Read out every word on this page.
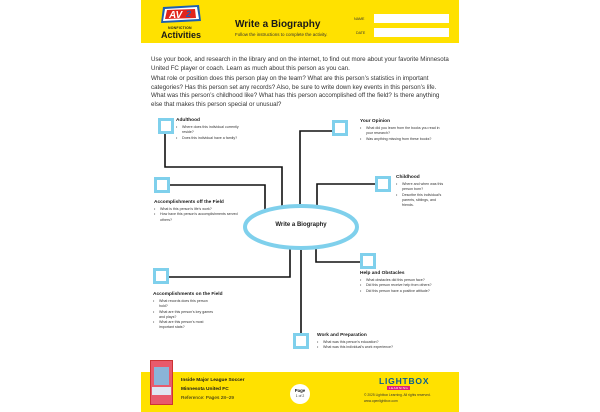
AV 2
NONFICTION
Activities
Write a Biography
Follow the instructions to complete the activity.
NAME
DATE
Use your book, and research in the library and on the internet, to find out more about your favorite Minnesota United FC player or coach. Learn as much about this person as you can.
What role or position does this person play on the team? What are this person’s statistics in important categories? Has this person set any records? Also, be sure to write down key events in this person’s life. What was this person’s childhood like? What has this person accomplished off the field? Is there anything else that makes this person special or unusual?
Write a Biography
Adulthood
• Where does this individual currently reside?
• Does this individual have a family?
Your Opinion
• What did you learn from the books you read in your research?
• Was anything missing from these books?
Accomplishments off the Field
• What is this person’s life’s work?
• How have this person’s accomplishments served others?
Childhood
• Where and when was this person born?
• Describe this individual’s parents, siblings, and friends.
Help and Obstacles
• What obstacles did this person face?
• Did this person receive help from others?
• Did this person have a positive attitude?
Accomplishments on the Field
• What records does this person hold?
• What are this person’s key games and plays?
• What are this person’s most important stats?
Work and Preparation
• What was this person’s education?
• What was this individual’s work experience?
Inside Major League Soccer
Minnesota United FC
Reference: Pages 28–29
Page
1 of 2
LIGHTBOX
LEARNING
© 2025 Lightbox Learning. All rights reserved.
www.openlightbox.com
